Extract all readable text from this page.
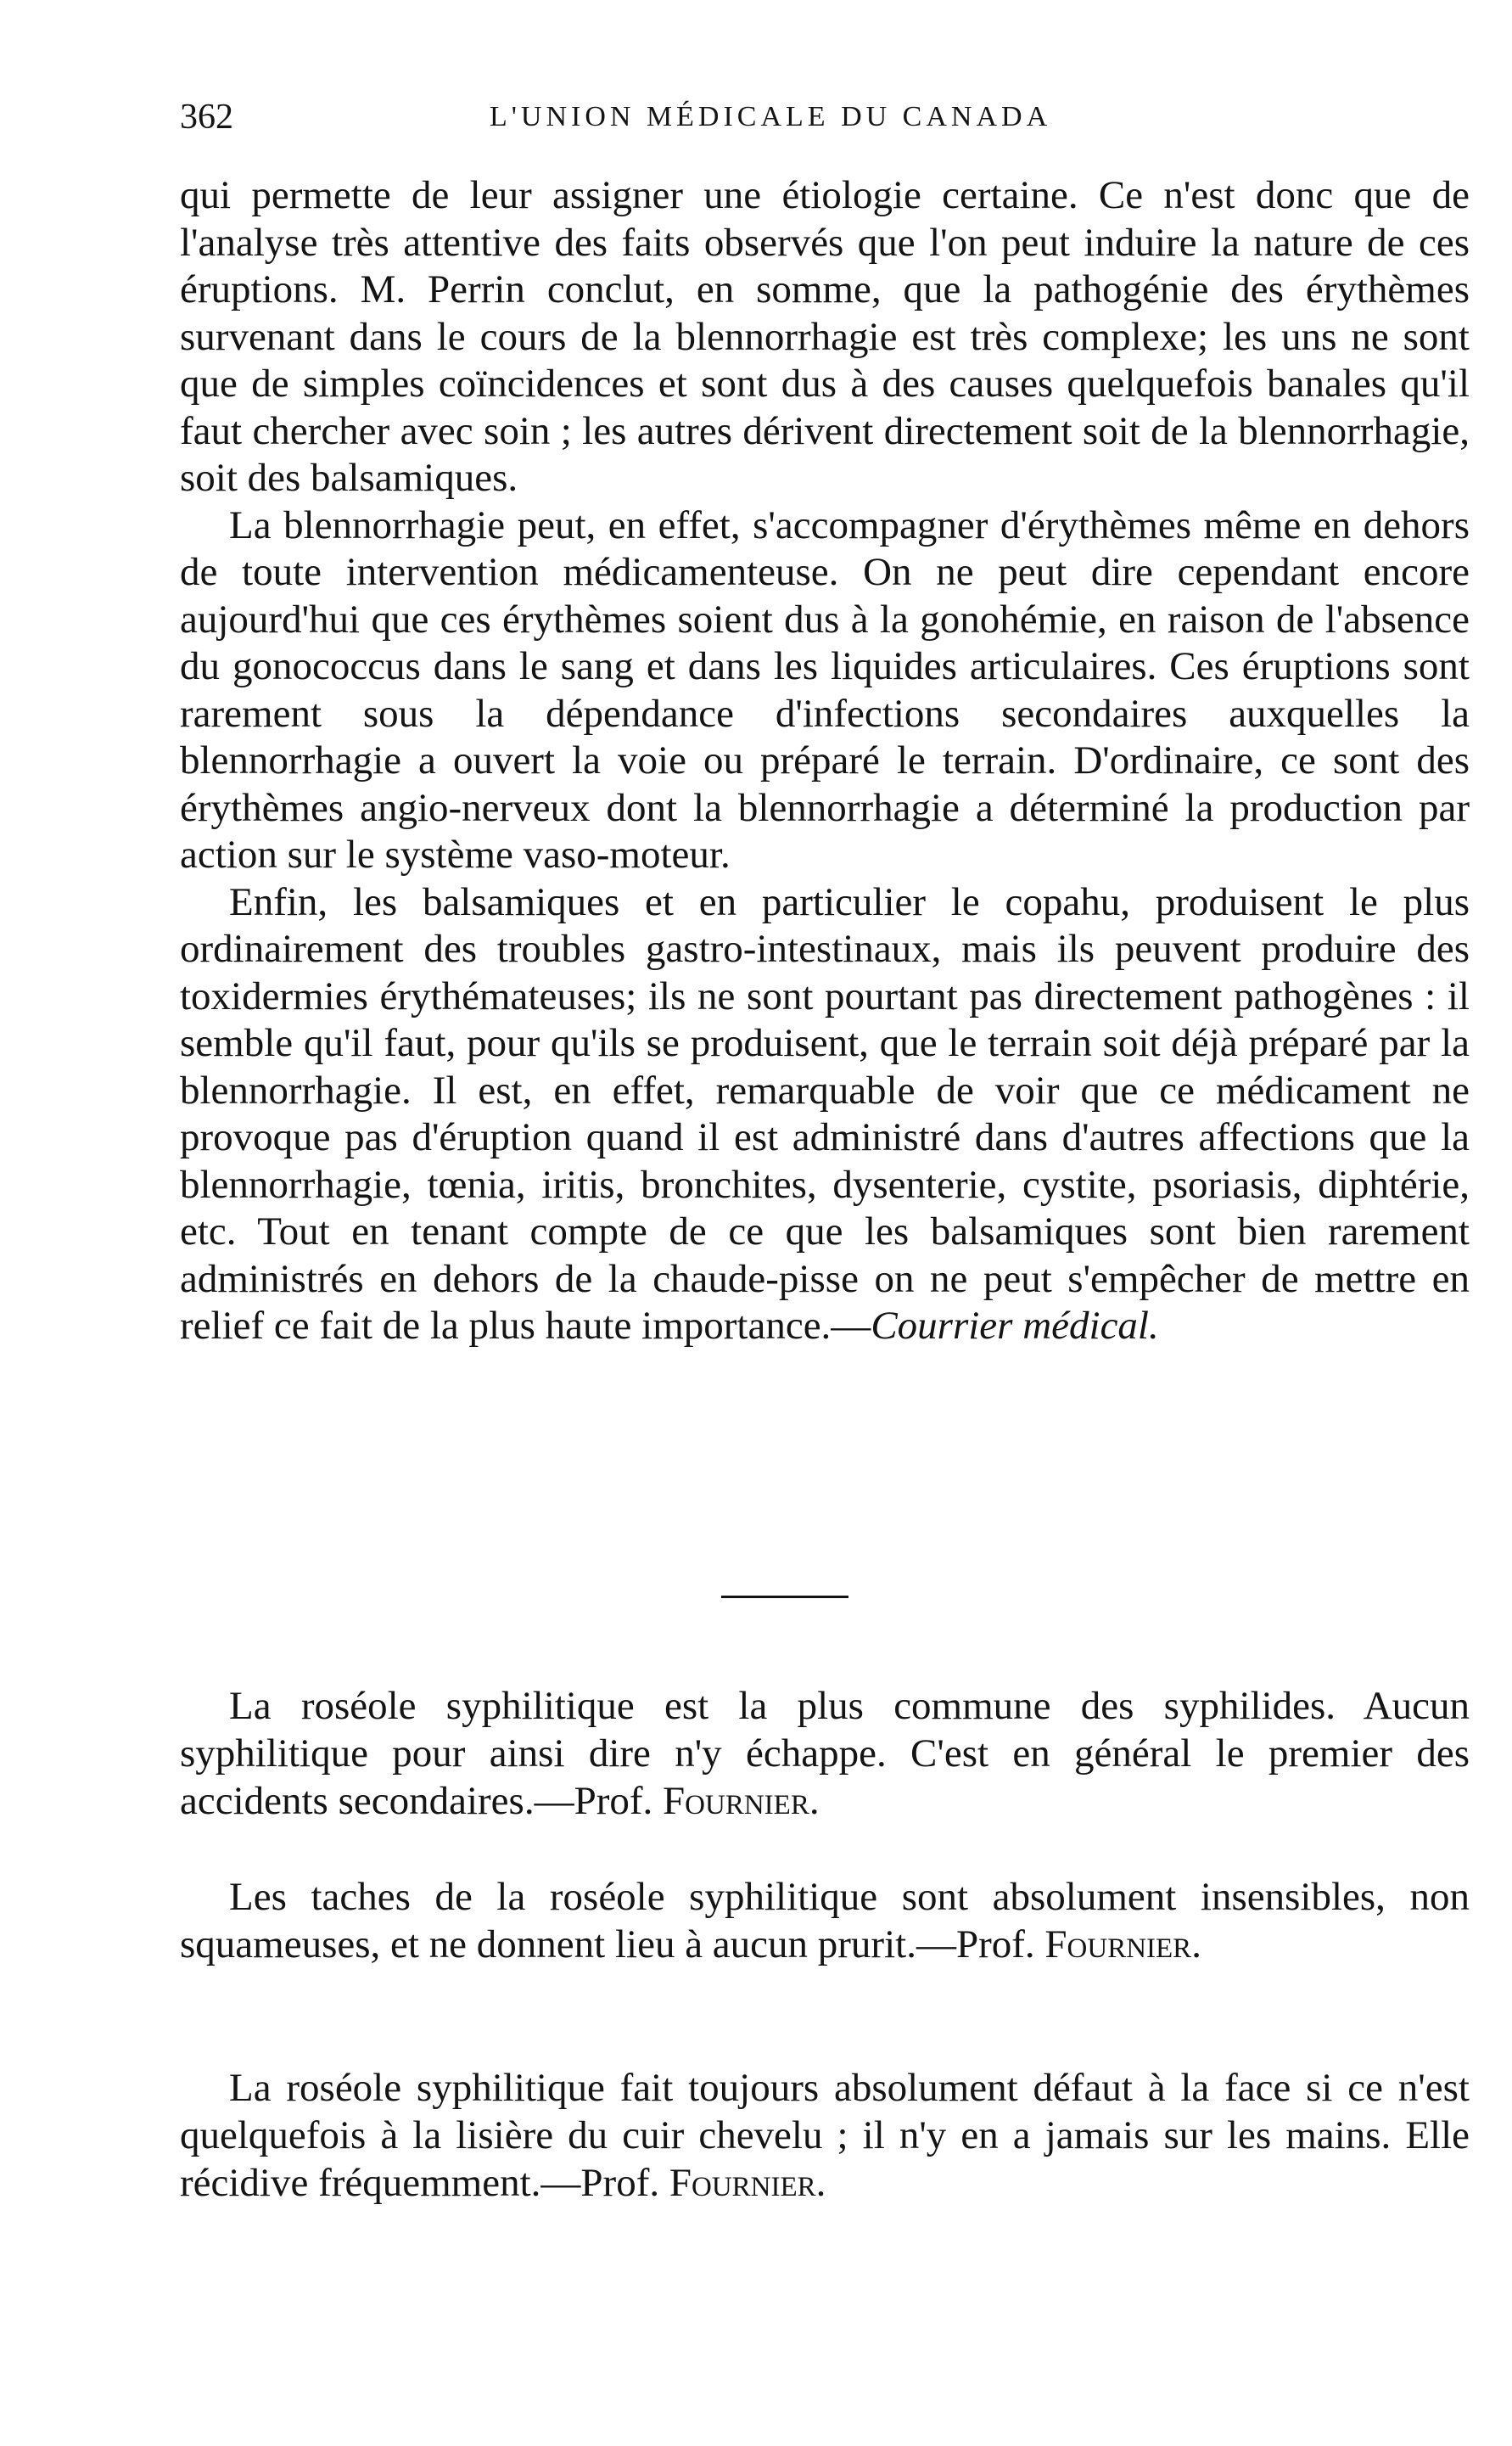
362	L'UNION MÉDICALE DU CANADA

qui permette de leur assigner une étiologie certaine. Ce n'est donc que de l'analyse très attentive des faits observés que l'on peut induire la nature de ces éruptions. M. Perrin conclut, en somme, que la pathogénie des érythèmes survenant dans le cours de la blennorrhagie est très complexe; les uns ne sont que de simples coïncidences et sont dus à des causes quelquefois banales qu'il faut chercher avec soin ; les autres dérivent directement soit de la blennorrhagie, soit des balsamiques.

La blennorrhagie peut, en effet, s'accompagner d'érythèmes même en dehors de toute intervention médicamenteuse. On ne peut dire cependant encore aujourd'hui que ces érythèmes soient dus à la gonohémie, en raison de l'absence du gonococcus dans le sang et dans les liquides articulaires. Ces éruptions sont rarement sous la dépendance d'infections secondaires auxquelles la blennorrhagie a ouvert la voie ou préparé le terrain. D'ordinaire, ce sont des érythèmes angio-nerveux dont la blennorrhagie a déterminé la production par action sur le système vaso-moteur.

Enfin, les balsamiques et en particulier le copahu, produisent le plus ordinairement des troubles gastro-intestinaux, mais ils peuvent produire des toxidermies érythémateuses; ils ne sont pourtant pas directement pathogènes : il semble qu'il faut, pour qu'ils se produisent, que le terrain soit déjà préparé par la blennorrhagie. Il est, en effet, remarquable de voir que ce médicament ne provoque pas d'éruption quand il est administré dans d'autres affections que la blennorrhagie, tœnia, iritis, bronchites, dysenterie, cystite, psoriasis, diphtérie, etc. Tout en tenant compte de ce que les balsamiques sont bien rarement administrés en dehors de la chaude-pisse on ne peut s'empêcher de mettre en relief ce fait de la plus haute importance.—Courrier médical.

La roséole syphilitique est la plus commune des syphilides. Aucun syphilitique pour ainsi dire n'y échappe. C'est en général le premier des accidents secondaires.—Prof. Fournier.

Les taches de la roséole syphilitique sont absolument insensibles, non squameuses, et ne donnent lieu à aucun prurit.—Prof. Fournier.

La roséole syphilitique fait toujours absolument défaut à la face si ce n'est quelquefois à la lisière du cuir chevelu ; il n'y en a jamais sur les mains. Elle récidive fréquemment.—Prof. Fournier.
